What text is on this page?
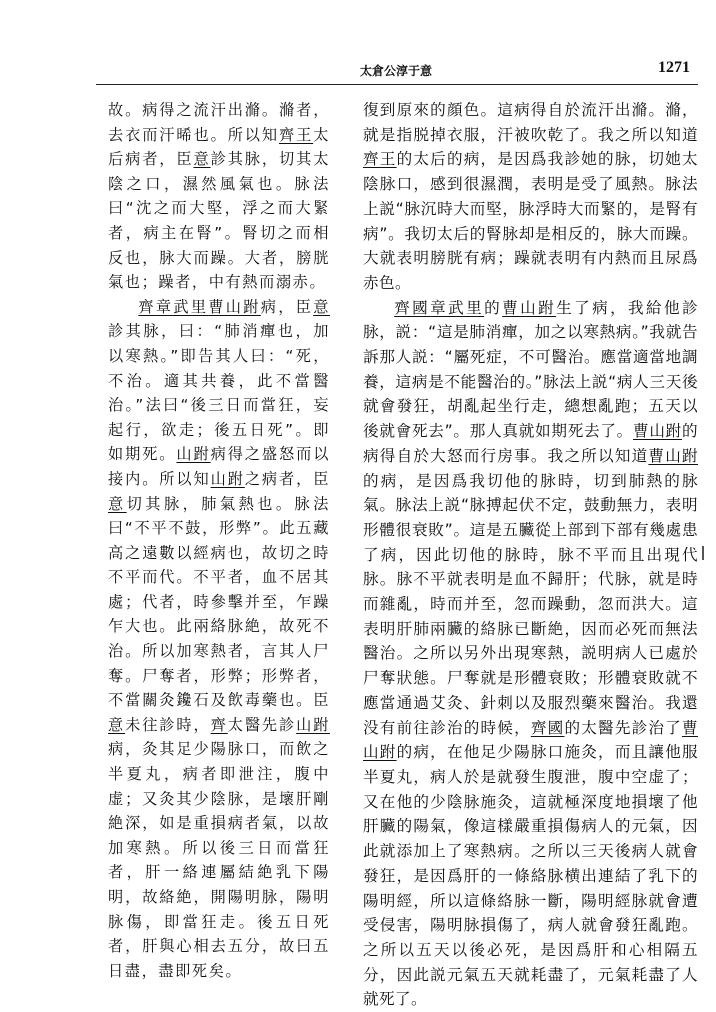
太倉公淳于意	1271

故。病得之流汗出滫。滫者，去衣而汗晞也。所以知齊王太后病者，臣意診其脉，切其太陰之口，濕然風氣也。脉法曰“沈之而大堅，浮之而大緊者，病主在腎”。腎切之而相反也，脉大而躁。大者，膀胱氣也；躁者，中有熱而溺赤。

齊章武里曹山跗病，臣意診其脉，曰：“肺消癉也，加以寒熱。”即告其人曰：“死，不治。適其共養，此不當醫治。”法曰“後三日而當狂，妄起行，欲走；後五日死”。即如期死。山跗病得之盛怒而以接内。所以知山跗之病者，臣意切其脉，肺氣熱也。脉法曰“不平不鼓，形弊”。此五藏高之遠數以經病也，故切之時不平而代。不平者，血不居其處；代者，時參擊并至，乍躁乍大也。此兩絡脉絶，故死不治。所以加寒熱者，言其人尸奪。尸奪者，形弊；形弊者，不當關灸鑱石及飲毒藥也。臣意未往診時，齊太醫先診山跗病，灸其足少陽脉口，而飲之半夏丸，病者即泄注，腹中虚；又灸其少陰脉，是壞肝剛絶深，如是重損病者氣，以故加寒熱。所以後三日而當狂者，肝一絡連屬結絶乳下陽明，故絡絶，開陽明脉，陽明脉傷，即當狂走。後五日死者，肝與心相去五分，故曰五日盡，盡即死矣。

復到原來的顔色。這病得自於流汗出滫。滫，就是指脱掉衣服，汗被吹乾了。我之所以知道齊王的太后的病，是因爲我診她的脉，切她太陰脉口，感到很濕潤，表明是受了風熱。脉法上説“脉沉時大而堅，脉浮時大而緊的，是腎有病”。我切太后的腎脉却是相反的，脉大而躁。大就表明膀胱有病；躁就表明有内熱而且尿爲赤色。

齊國章武里的曹山跗生了病，我給他診脉，説：“這是肺消癉，加之以寒熱病。”我就告訴那人説：“屬死症，不可醫治。應當適當地調養，這病是不能醫治的。”脉法上説“病人三天後就會發狂，胡亂起坐行走，總想亂跑；五天以後就會死去”。那人真就如期死去了。曹山跗的病得自於大怒而行房事。我之所以知道曹山跗的病，是因爲我切他的脉時，切到肺熱的脉氣。脉法上説“脉搏起伏不定，鼓動無力，表明形體很衰敗”。這是五臟從上部到下部有幾處患了病，因此切他的脉時，脉不平而且出現代脉。脉不平就表明是血不歸肝；代脉，就是時而雜亂，時而并至，忽而躁動，忽而洪大。這表明肝肺兩臟的絡脉已斷絶，因而必死而無法醫治。之所以另外出現寒熱，説明病人已處於尸奪狀態。尸奪就是形體衰敗；形體衰敗就不應當通過艾灸、針刺以及服烈藥來醫治。我還没有前往診治的時候，齊國的太醫先診治了曹山跗的病，在他足少陽脉口施灸，而且讓他服半夏丸，病人於是就發生腹泄，腹中空虚了；又在他的少陰脉施灸，這就極深度地損壞了他肝臟的陽氣，像這樣嚴重損傷病人的元氣，因此就添加上了寒熱病。之所以三天後病人就會發狂，是因爲肝的一條絡脉横出連結了乳下的陽明經，所以這條絡脉一斷，陽明經脉就會遭受侵害，陽明脉損傷了，病人就會發狂亂跑。之所以五天以後必死，是因爲肝和心相隔五分，因此説元氣五天就耗盡了，元氣耗盡了人就死了。
